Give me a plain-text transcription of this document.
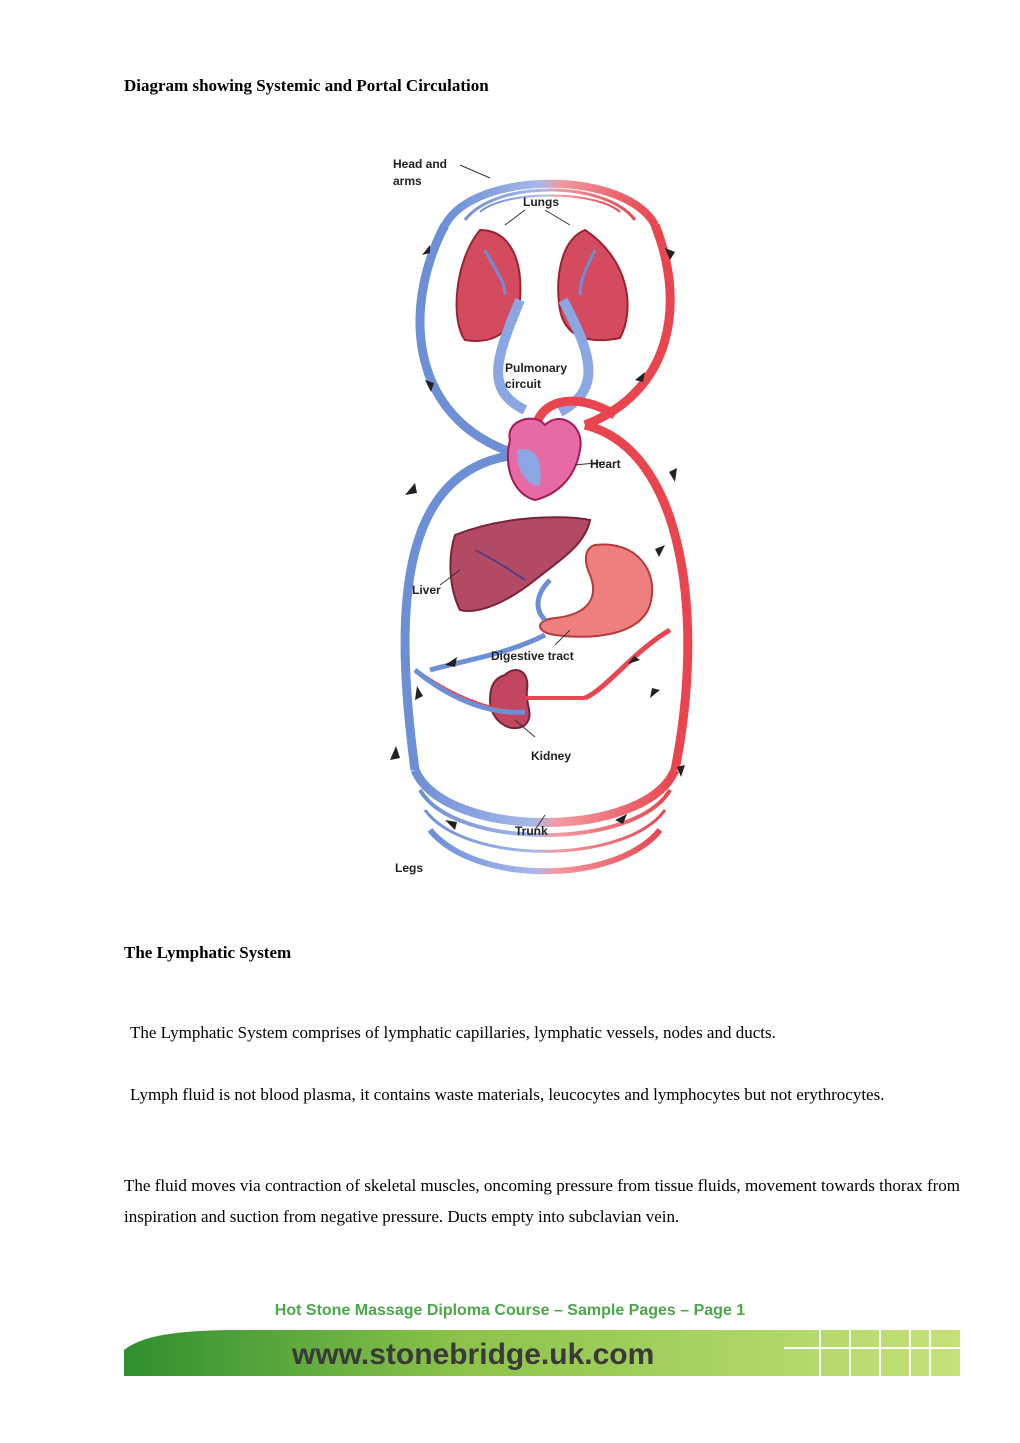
Diagram showing Systemic and Portal Circulation
Head and
arms
Lungs
Pulmonary
circuit
Heart
Liver
Digestive tract
Kidney
Trunk
Legs
The Lymphatic System

The Lymphatic System comprises of lymphatic capillaries, lymphatic vessels, nodes and ducts.

Lymph fluid is not blood plasma, it contains waste materials, leucocytes and lymphocytes but not erythrocytes.

The fluid moves via contraction of skeletal muscles, oncoming pressure from tissue fluids, movement towards thorax from inspiration and suction from negative pressure. Ducts empty into subclavian vein.

Hot Stone Massage Diploma Course – Sample Pages – Page 1
www.stonebridge.uk.com
